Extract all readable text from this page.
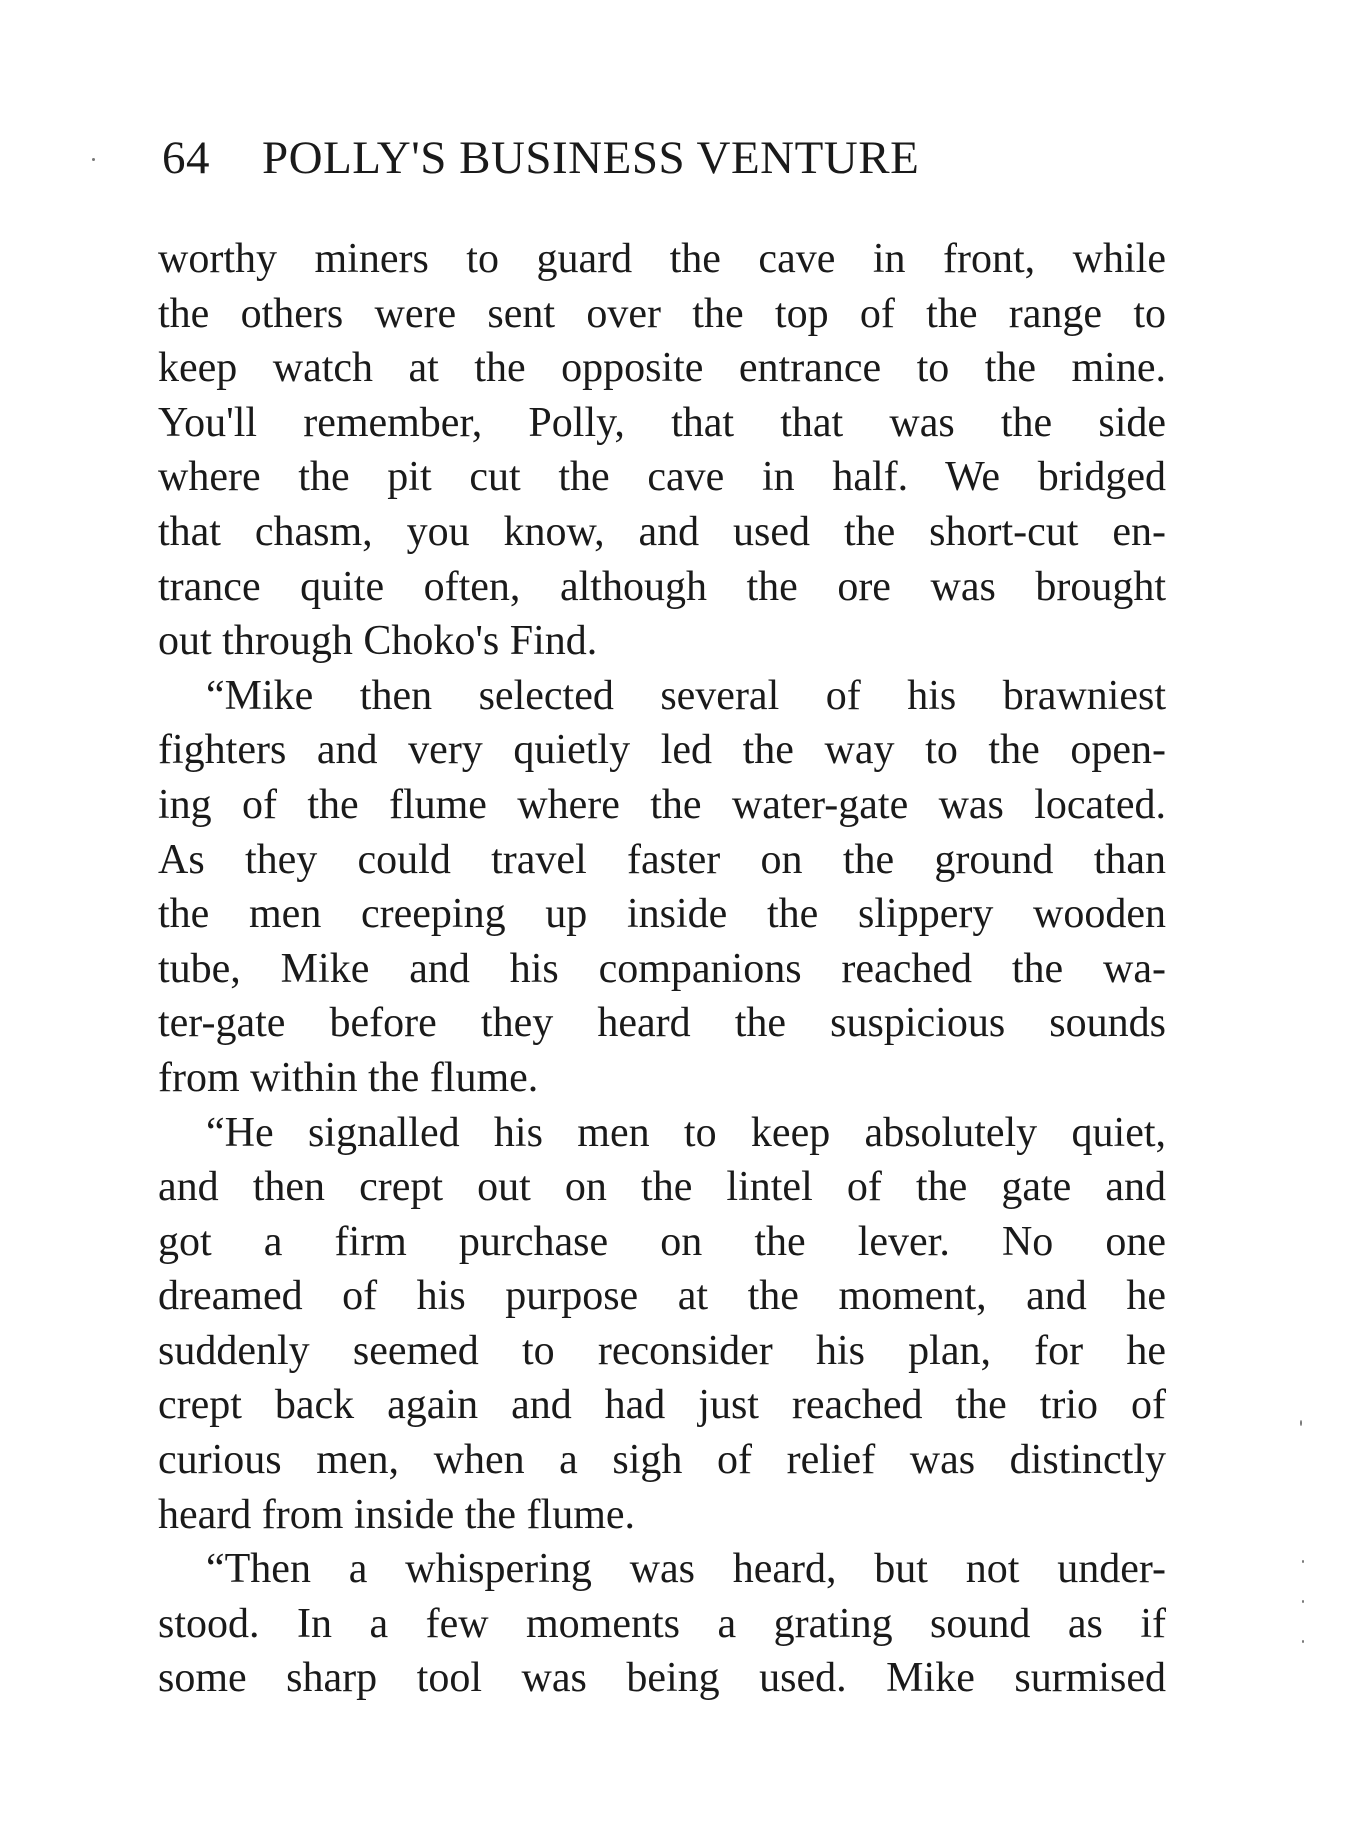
64 POLLY'S BUSINESS VENTURE
worthy miners to guard the cave in front, while
the others were sent over the top of the range to
keep watch at the opposite entrance to the mine.
You'll remember, Polly, that that was the side
where the pit cut the cave in half. We bridged
that chasm, you know, and used the short-cut en-
trance quite often, although the ore was brought
out through Choko's Find.
“Mike then selected several of his brawniest
fighters and very quietly led the way to the open-
ing of the flume where the water-gate was located.
As they could travel faster on the ground than
the men creeping up inside the slippery wooden
tube, Mike and his companions reached the wa-
ter-gate before they heard the suspicious sounds
from within the flume.
“He signalled his men to keep absolutely quiet,
and then crept out on the lintel of the gate and
got a firm purchase on the lever. No one
dreamed of his purpose at the moment, and he
suddenly seemed to reconsider his plan, for he
crept back again and had just reached the trio of
curious men, when a sigh of relief was distinctly
heard from inside the flume.
“Then a whispering was heard, but not under-
stood. In a few moments a grating sound as if
some sharp tool was being used. Mike surmised
